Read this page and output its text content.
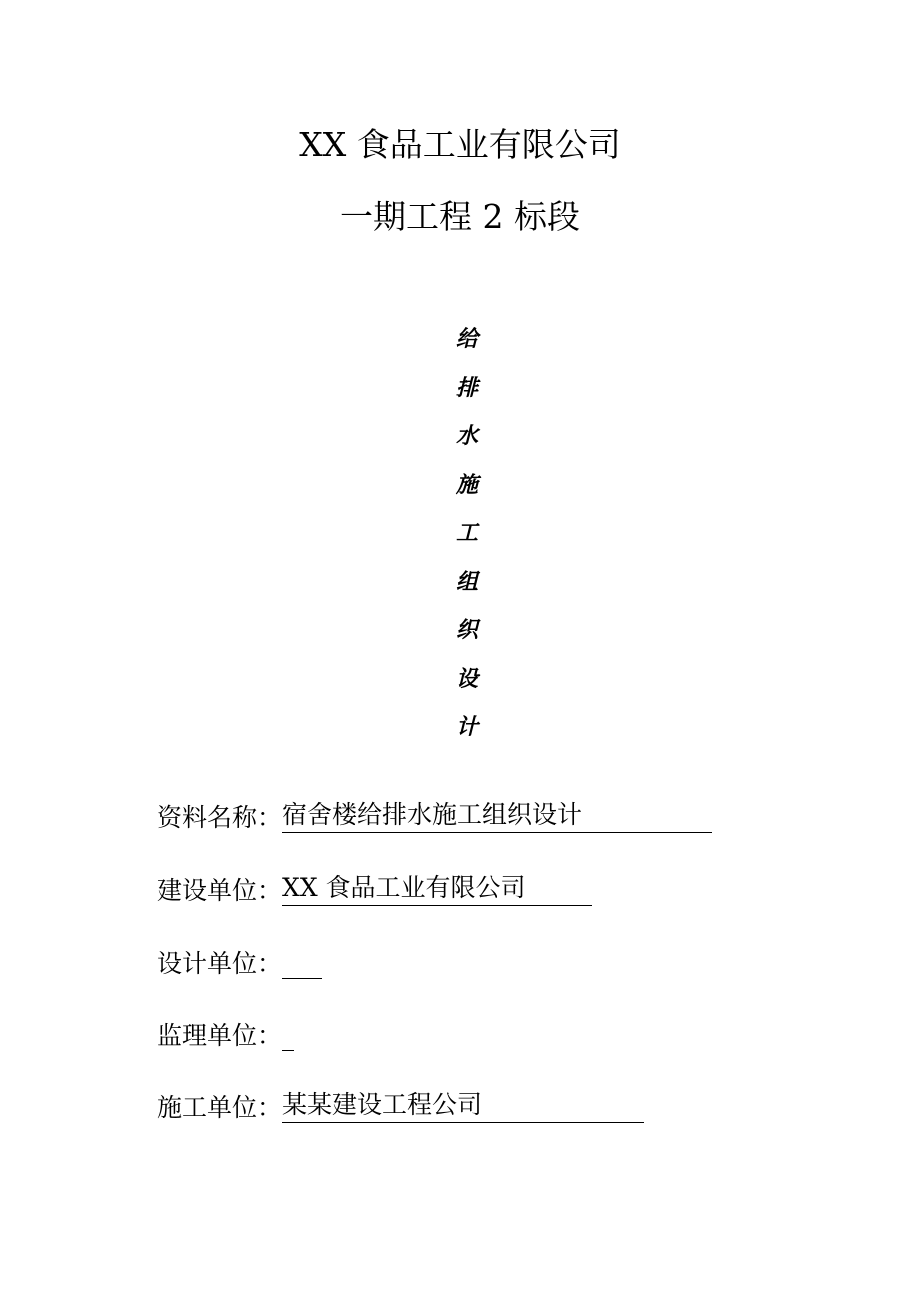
XX 食品工业有限公司
一期工程 2 标段
给
排
水
施
工
组
织
设
计
资料名称：宿舍楼给排水施工组织设计
建设单位：XX 食品工业有限公司
设计单位：
监理单位：
施工单位：某某建设工程公司
